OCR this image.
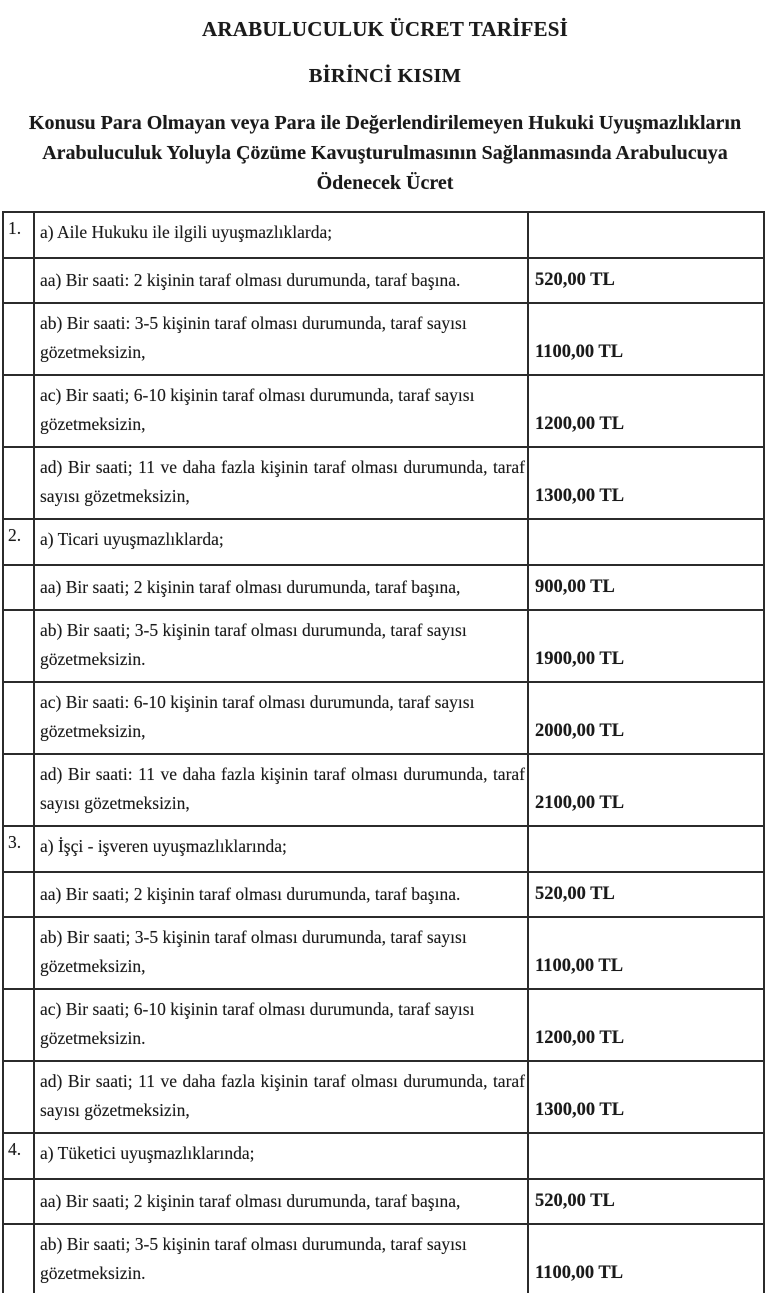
ARABULUCULUK ÜCRET TARİFESİ
BİRİNCİ KISIM
Konusu Para Olmayan veya Para ile Değerlendirilemeyen Hukuki Uyuşmazlıkların
Arabuluculuk Yoluyla Çözüme Kavuşturulmasının Sağlanmasında Arabulucuya
Ödenecek Ücret
1.	a) Aile Hukuku ile ilgili uyuşmazlıklarda;
aa) Bir saati: 2 kişinin taraf olması durumunda, taraf başına.	520,00 TL
ab) Bir saati: 3-5 kişinin taraf olması durumunda, taraf sayısı gözetmeksizin,	1100,00 TL
ac) Bir saati; 6-10 kişinin taraf olması durumunda, taraf sayısı gözetmeksizin,	1200,00 TL
ad) Bir saati; 11 ve daha fazla kişinin taraf olması durumunda, taraf sayısı gözetmeksizin,	1300,00 TL
2.	a) Ticari uyuşmazlıklarda;
aa) Bir saati; 2 kişinin taraf olması durumunda, taraf başına,	900,00 TL
ab) Bir saati; 3-5 kişinin taraf olması durumunda, taraf sayısı gözetmeksizin.	1900,00 TL
ac) Bir saati: 6-10 kişinin taraf olması durumunda, taraf sayısı gözetmeksizin,	2000,00 TL
ad) Bir saati: 11 ve daha fazla kişinin taraf olması durumunda, taraf sayısı gözetmeksizin,	2100,00 TL
3.	a) İşçi - işveren uyuşmazlıklarında;
aa) Bir saati; 2 kişinin taraf olması durumunda, taraf başına.	520,00 TL
ab) Bir saati; 3-5 kişinin taraf olması durumunda, taraf sayısı gözetmeksizin,	1100,00 TL
ac) Bir saati; 6-10 kişinin taraf olması durumunda, taraf sayısı gözetmeksizin.	1200,00 TL
ad) Bir saati; 11 ve daha fazla kişinin taraf olması durumunda, taraf sayısı gözetmeksizin,	1300,00 TL
4.	a) Tüketici uyuşmazlıklarında;
aa) Bir saati; 2 kişinin taraf olması durumunda, taraf başına,	520,00 TL
ab) Bir saati; 3-5 kişinin taraf olması durumunda, taraf sayısı gözetmeksizin.	1100,00 TL
